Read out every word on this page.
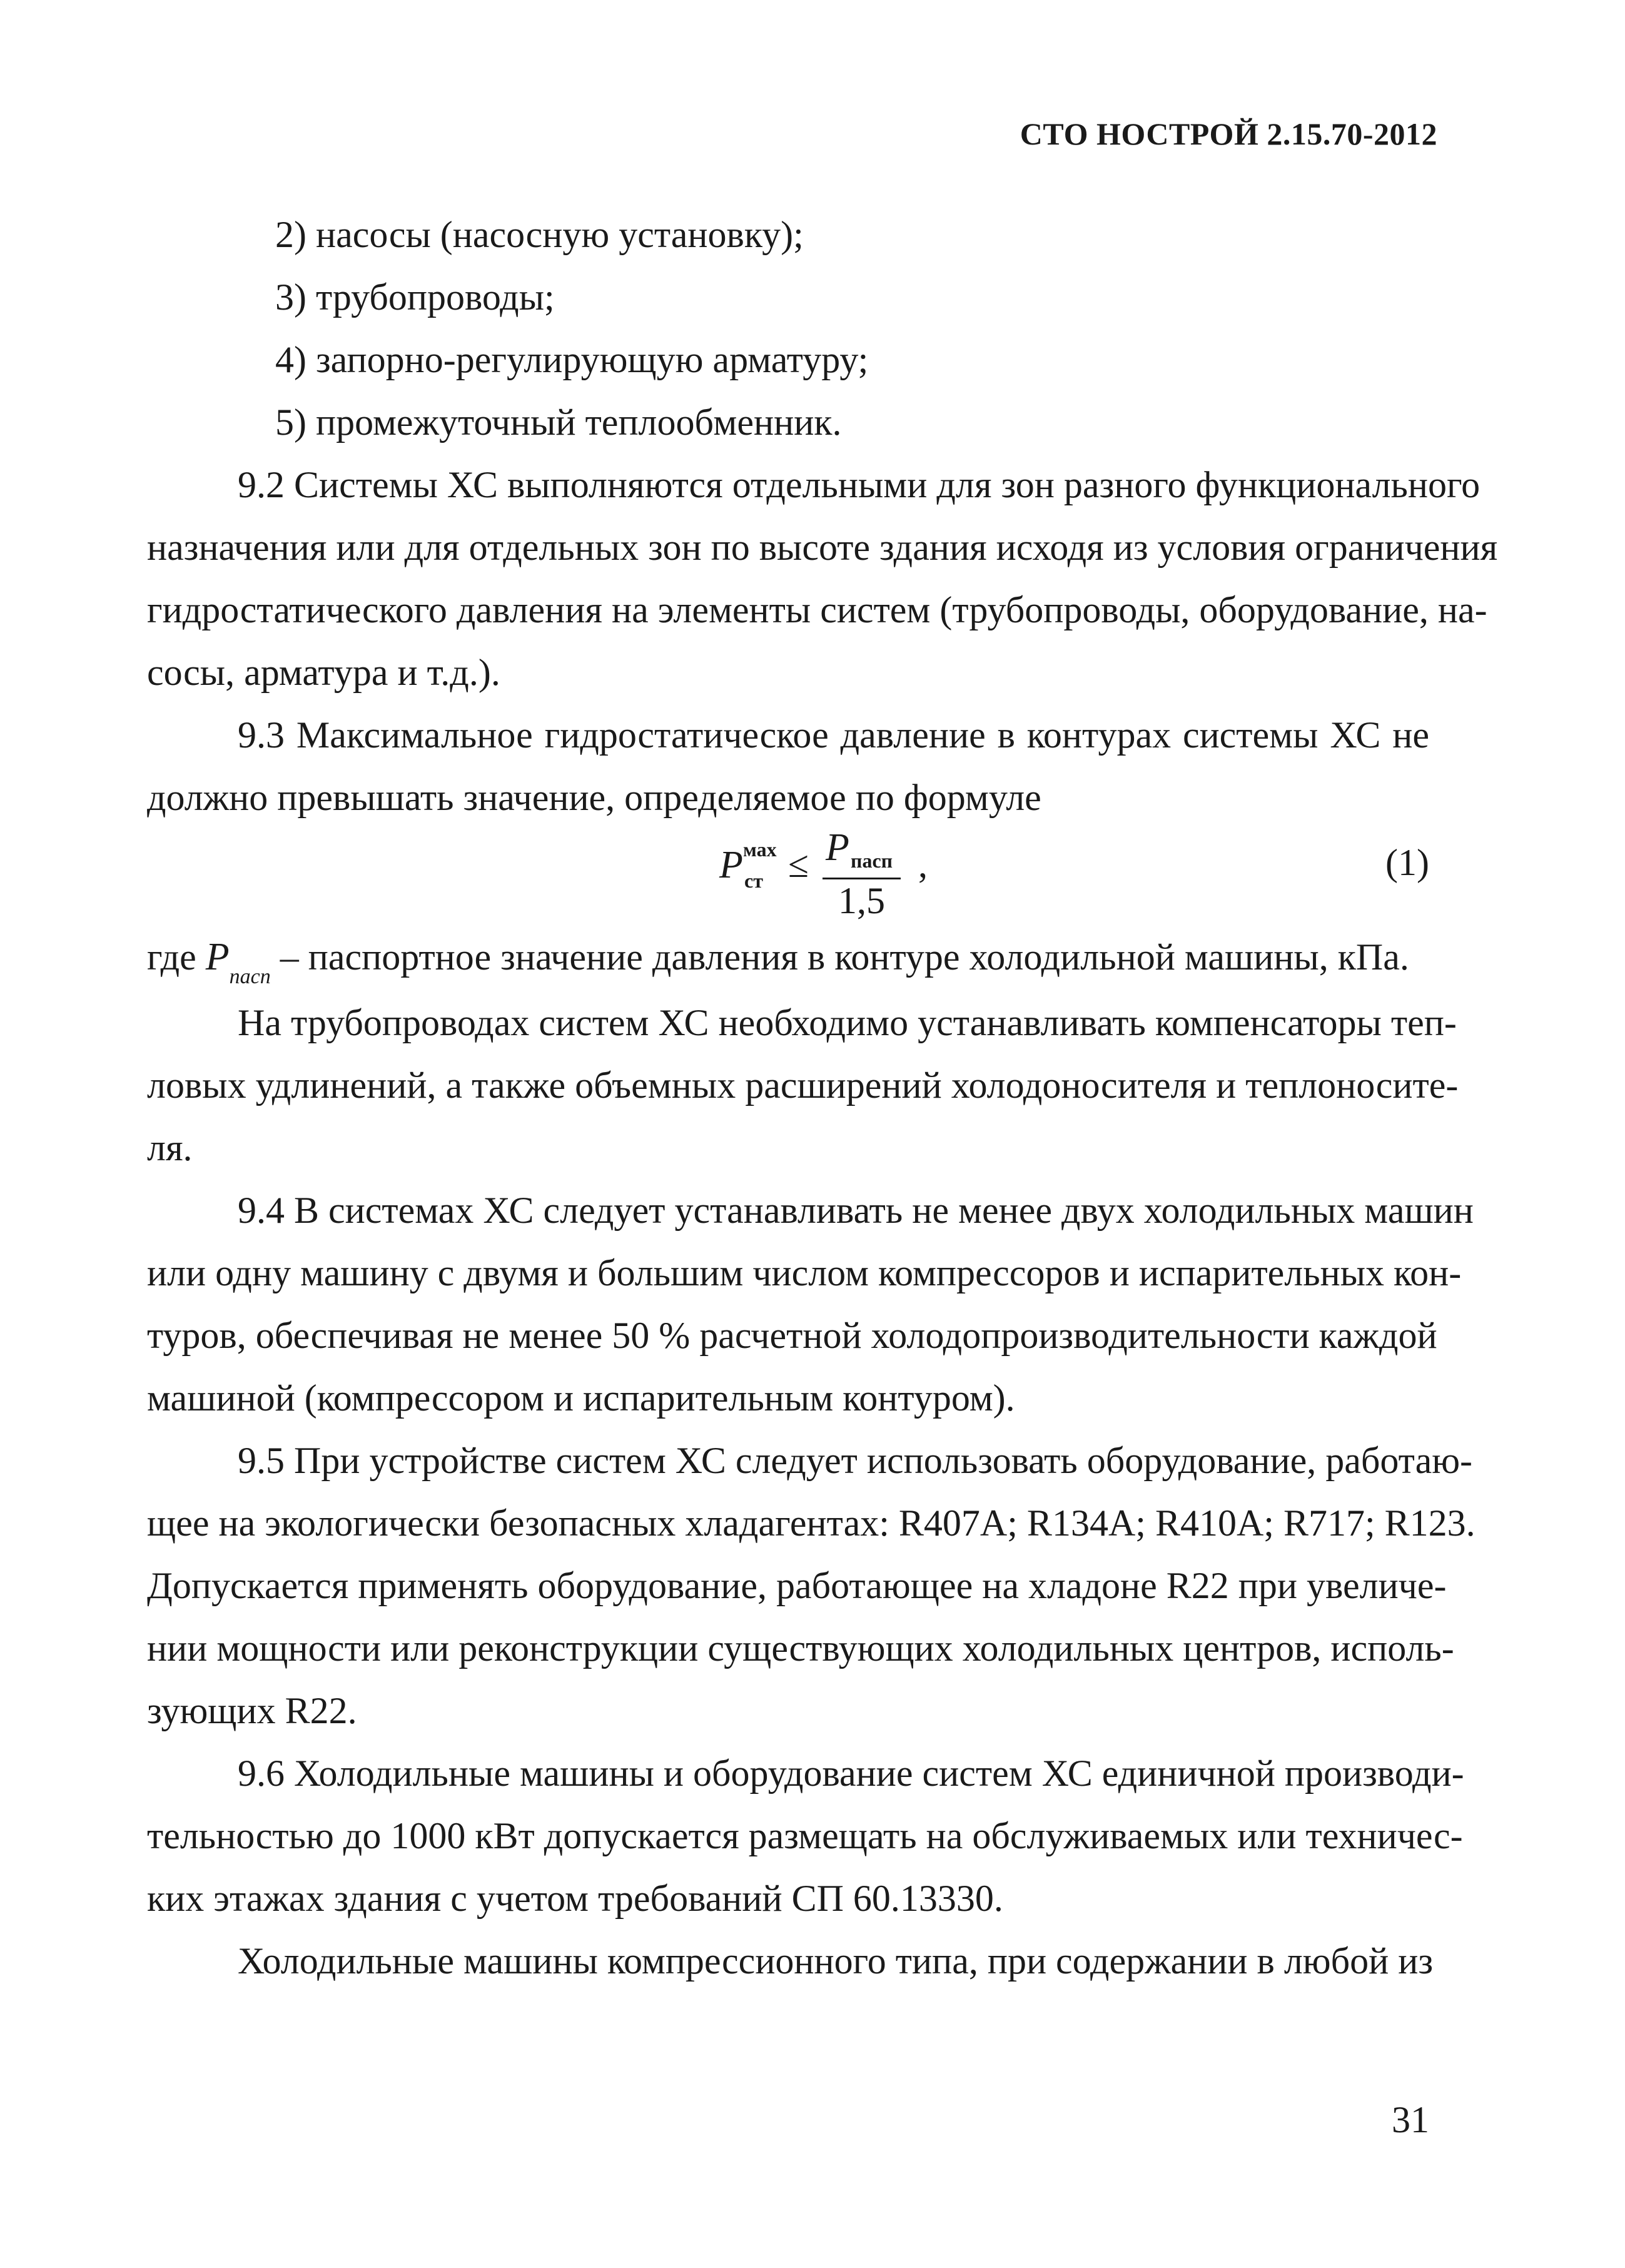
СТО НОСТРОЙ 2.15.70-2012
2) насосы (насосную установку);
3) трубопроводы;
4) запорно-регулирующую арматуру;
5) промежуточный теплообменник.
9.2 Системы ХС выполняются отдельными для зон разного функционального
назначения или для отдельных зон по высоте здания исходя из условия ограничения
гидростатического давления на элементы систем (трубопроводы, оборудование, на-
сосы, арматура и т.д.).
9.3 Максимальное гидростатическое давление в контурах системы ХС не
должно превышать значение, определяемое по формуле
P мах
ст ≤ P пасп
1,5
,	(1)
где $P_{пасп}$ – паспортное значение давления в контуре холодильной машины, кПа.
На трубопроводах систем ХС необходимо устанавливать компенсаторы теп-
ловых удлинений, а также объемных расширений холодоносителя и теплоносите-
ля.
9.4 В системах ХС следует устанавливать не менее двух холодильных машин
или одну машину с двумя и большим числом компрессоров и испарительных кон-
туров, обеспечивая не менее 50 % расчетной холодопроизводительности каждой
машиной (компрессором и испарительным контуром).
9.5 При устройстве систем ХС следует использовать оборудование, работаю-
щее на экологически безопасных хладагентах: R407A; R134A; R410A; R717; R123.
Допускается применять оборудование, работающее на хладоне R22 при увеличе-
нии мощности или реконструкции существующих холодильных центров, исполь-
зующих R22.
9.6 Холодильные машины и оборудование систем ХС единичной производи-
тельностью до 1000 кВт допускается размещать на обслуживаемых или техничес-
ких этажах здания с учетом требований СП 60.13330.
Холодильные машины компрессионного типа, при содержании в любой из
31
